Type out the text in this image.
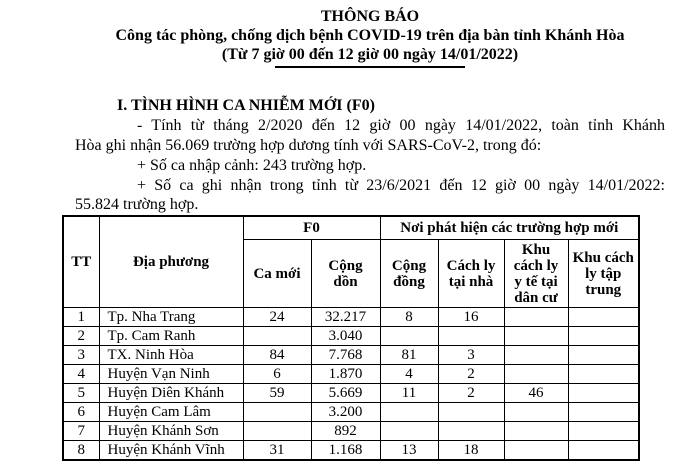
THÔNG BÁO
Công tác phòng, chống dịch bệnh COVID-19 trên địa bàn tỉnh Khánh Hòa
(Từ 7 giờ 00 đến 12 giờ 00 ngày 14/01/2022)
I. TÌNH HÌNH CA NHIỄM MỚI (F0)
- Tính từ tháng 2/2020 đến 12 giờ 00 ngày 14/01/2022, toàn tỉnh Khánh
Hòa ghi nhận 56.069 trường hợp dương tính với SARS-CoV-2, trong đó:
+ Số ca nhập cảnh: 243 trường hợp.
+ Số ca ghi nhận trong tỉnh từ 23/6/2021 đến 12 giờ 00 ngày 14/01/2022:
55.824 trường hợp.
TT	Địa phương	F0		Nơi phát hiện các trường hợp mới			
		Ca mới	Cộng dồn	Cộng đồng	Cách ly tại nhà	Khu cách ly y tế tại dân cư	Khu cách ly tập trung
1	Tp. Nha Trang	24	32.217	8	16		
2	Tp. Cam Ranh		3.040				
3	TX. Ninh Hòa	84	7.768	81	3		
4	Huyện Vạn Ninh	6	1.870	4	2		
5	Huyện Diên Khánh	59	5.669	11	2	46	
6	Huyện Cam Lâm		3.200				
7	Huyện Khánh Sơn		892				
8	Huyện Khánh Vĩnh	31	1.168	13	18		
